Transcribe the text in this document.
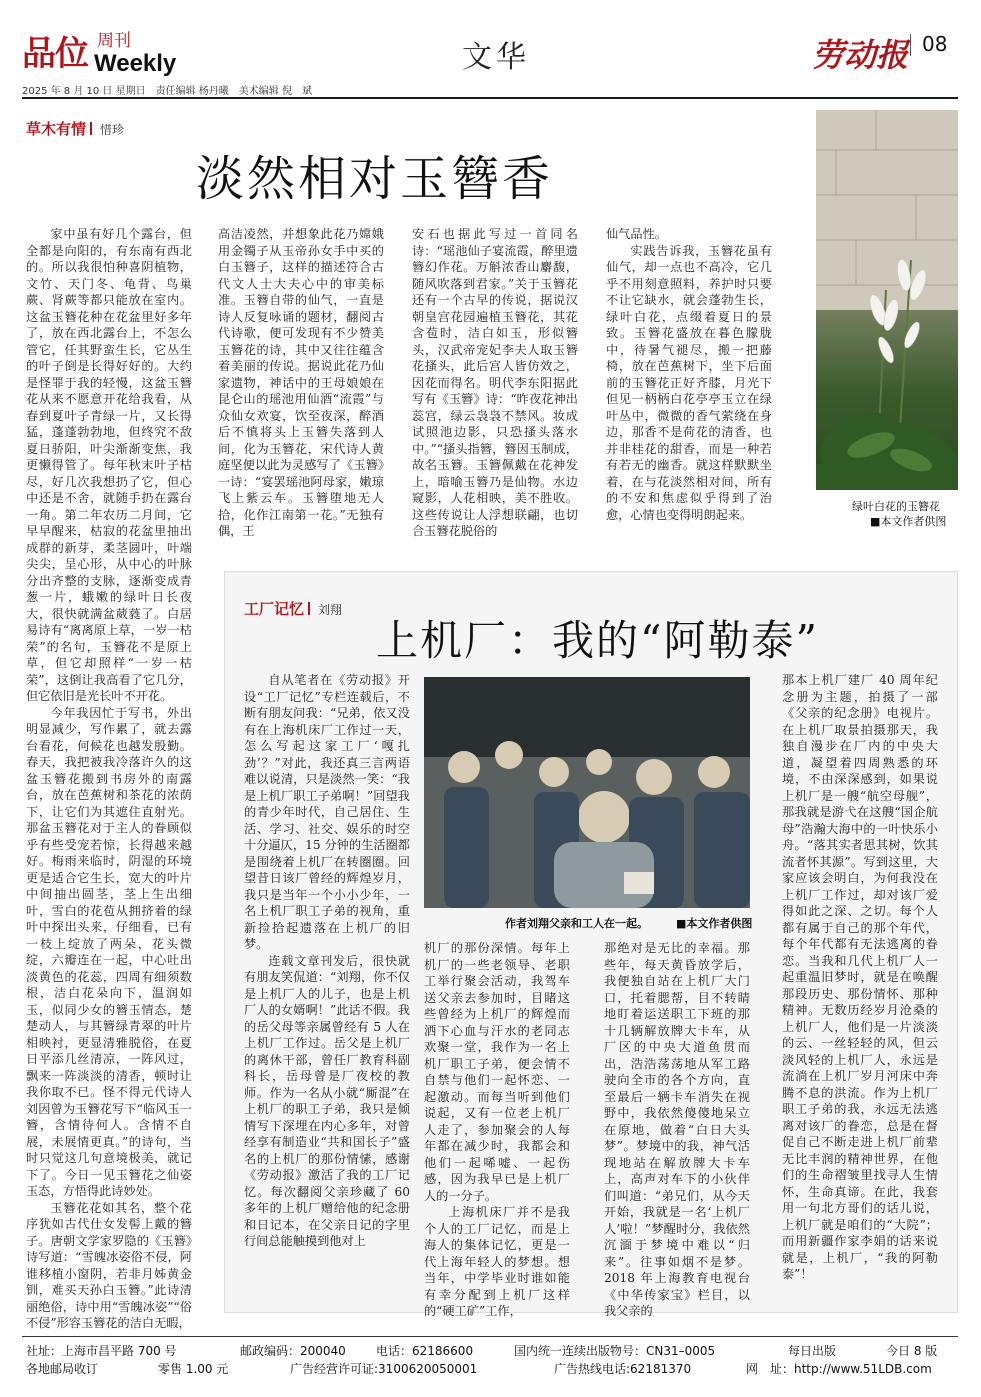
品位 周刊
Weekly	文华	劳动报 08
2025 年 8 月 10 日 星期日　责任编辑 杨丹曦　美术编辑 倪　斌
草木有情 惜珍
淡然相对玉簪香
绿叶白花的玉簪花
■本文作者供图

家中虽有好几个露台，但全都是向阳的，有东南有西北的。所以我很怕种喜阴植物，文竹、天门冬、龟背、鸟巢蕨、肾蕨等都只能放在室内。这盆玉簪花种在花盆里好多年了，放在西北露台上，不怎么管它，任其野蛮生长，它丛生的叶子倒是长得好好的。大约是怪罪于我的轻慢，这盆玉簪花从来不愿意开花给我看，从春到夏叶子青绿一片，又长得猛，蓬蓬勃勃地，但终究不敌夏日骄阳，叶尖渐渐变焦，我更懒得管了。每年秋末叶子枯尽，好几次我想扔了它，但心中还是不舍，就随手扔在露台一角。第二年农历二月间，它早早醒来，枯寂的花盆里抽出成群的新芽，柔茎圆叶，叶端尖尖，呈心形，从中心的叶脉分出齐整的支脉，逐渐变成青葱一片，蛾嫩的绿叶日长夜大，很快就满盆葳蕤了。白居易诗有“离离原上草，一岁一枯荣”的名句，玉簪花不是原上草，但它却照样“一岁一枯荣”，这倒让我高看了它几分，但它依旧是光长叶不开花。

今年我因忙于写书，外出明显减少，写作累了，就去露台看花，何候花也越发殷勤。春天，我把被我冷落许久的这盆玉簪花搬到书房外的南露台，放在芭蕉树和茶花的浓荫下，让它们为其遮住直射光。那盆玉簪花对于主人的眷顾似乎有些受宠若惊，长得越来越好。梅雨来临时，阴湿的环境更是适合它生长，宽大的叶片中间抽出圆茎，茎上生出细叶，雪白的花苞从拥挤着的绿叶中探出头来，仔细看，已有一枝上绽放了两朵，花头微绽，六瓣连在一起，中心吐出淡黄色的花蕊，四周有细须数根，洁白花朵向下，温润如玉，似同少女的簪玉情态，楚楚动人，与其簪绿青翠的叶片相映衬，更显清雅脱俗，在夏日平添几丝清凉，一阵风过，飘来一阵淡淡的清香，顿时让我你取不已。怪不得元代诗人刘因曾为玉簪花写下“临风玉一簪，含情待何人。含情不自展，未展情更真。”的诗句，当时只觉这几句意境极美，就记下了。今日一见玉簪花之仙姿玉态，方悟得此诗妙处。

玉簪花花如其名，整个花序犹如古代仕女发髻上戴的簪子。唐朝文学家罗隐的《玉簪》诗写道：“雪魄冰姿俗不侵，阿谁移植小窗阴，若非月姊黄金钏，难买天孙白玉簪。”此诗清丽绝俗，诗中用“雪魄冰姿”“俗不侵”形容玉簪花的洁白无暇，

高洁凌然，并想象此花乃嫦娥用金镯子从玉帝孙女手中买的白玉簪子，这样的描述符合古代文人士大夫心中的审美标准。玉簪自带的仙气，一直是诗人反复咏诵的题材，翻阅古代诗歌，便可发现有不少赞美玉簪花的诗，其中又往往蕴含着美丽的传说。据说此花乃仙家遗物，神话中的王母娘娘在昆仑山的瑶池用仙酒“流霞”与众仙女欢宴，饮至夜深，醉酒后不慎将头上玉簪失落到人间，化为玉簪花，宋代诗人黄庭坚便以此为灵感写了《玉簪》一诗：“宴罢瑶池阿母家，嫩琼飞上紫云车。玉簪堕地无人拾，化作江南第一花。”无独有偶，王

安石也据此写过一首同名诗：“瑶池仙子宴流霞，醉里遗簪幻作花。万斛浓香山麝馥，随风吹落到君家。”关于玉簪花还有一个古早的传说，据说汉朝皇宫花园遍植玉簪花，其花含苞时，洁白如玉，形似簪头，汉武帝宠妃李夫人取玉簪花搔头，此后宫人皆仿效之，因花而得名。明代李东阳据此写有《玉簪》诗：“昨夜花神出蕊宫，绿云袅袅不禁风。妆成试照池边影，只恐搔头落水中。”“搔头指簪，簪因玉制成，故名玉簪。玉簪佩戴在花神发上，暗喻玉簪乃是仙物。水边窥影，人花相映，美不胜收。这些传说让人浮想联翩，也切合玉簪花脱俗的

仙气品性。

实践告诉我，玉簪花虽有仙气，却一点也不高冷，它几乎不用刻意照料，养护时只要不让它缺水，就会蓬勃生长，绿叶白花，点缀着夏日的景致。玉簪花盛放在暮色朦胧中，待暑气褪尽，搬一把藤椅，放在芭蕉树下，坐下后面前的玉簪花正好齐膝，月光下但见一柄柄白花亭亭玉立在绿叶丛中，微微的香气萦绕在身边，那香不是荷花的清香，也并非桂花的甜香，而是一种若有若无的幽香。就这样默默坐着，在与花淡然相对间，所有的不安和焦虑似乎得到了治愈，心情也变得明朗起来。

工厂记忆 刘翔
上机厂：我的“阿勒泰”
作者刘翔父亲和工人在一起。	■本文作者供图

自从笔者在《劳动报》开设“工厂记忆”专栏连载后，不断有朋友问我：“兄弟，依又没有在上海机床厂工作过一天，怎么写起这家工厂‘嘎扎劲’？”对此，我还真三言两语难以说清，只是淡然一笑：“我是上机厂职工子弟啊！”回望我的青少年时代，自己居住、生活、学习、社交、娱乐的时空十分逼仄，15 分钟的生活圈都是围绕着上机厂在转圈圈。回望昔日该厂曾经的辉煌岁月，我只是当年一个小小少年，一名上机厂职工子弟的视角，重新捡拾起遗落在上机厂的旧梦。

连载文章刊发后，很快就有朋友笑侃道：“刘翔，你不仅是上机厂人的儿子，也是上机厂人的女婿啊！”此话不假。我的岳父母等亲属曾经有 5 人在上机厂工作过。岳父是上机厂的离休干部，曾任厂教育科副科长，岳母曾是厂夜校的教师。作为一名从小就“厮混”在上机厂的职工子弟，我只是倾情写下深埋在内心多年，对曾经享有制造业“共和国长子”盛名的上机厂的那份情愫，感谢《劳动报》激活了我的工厂记忆。每次翻阅父亲珍藏了 60 多年的上机厂赠给他的纪念册和日记本，在父亲日记的字里行间总能触摸到他对上

机厂的那份深情。每年上机厂的一些老领导、老职工举行聚会活动，我驾车送父亲去参加时，目睹这些曾经为上机厂的辉煌而洒下心血与汗水的老同志欢聚一堂，我作为一名上机厂职工子弟，便会情不自禁与他们一起怀恋、一起激动。而每当听到他们说起，又有一位老上机厂人走了，参加聚会的人每年都在减少时，我都会和他们一起唏嘘、一起伤感，因为我早已是上机厂人的一分子。

上海机床厂并不是我个人的工厂记忆，而是上海人的集体记忆，更是一代上海年轻人的梦想。想当年，中学毕业时谁如能有幸分配到上机厂这样的“硬工矿”工作，

那绝对是无比的幸福。那些年，每天黄昏放学后，我便独自站在上机厂大门口，托着腮帮，目不转睛地盯着运送职工下班的那十几辆解放牌大卡车，从厂区的中央大道鱼贯而出，浩浩荡荡地从军工路驶向全市的各个方向，直至最后一辆卡车消失在视野中，我依然傻傻地呆立在原地，做着“白日大头梦”。梦境中的我，神气活现地站在解放牌大卡车上，高声对车下的小伙伴们叫道：“弟兄们，从今天开始，我就是一名‘上机厂人’啦！”梦醒时分，我依然沉湎于梦境中难以“归来”。往事如烟不是梦。2018 年上海教育电视台《中华传家宝》栏目，以我父亲的

那本上机厂建厂 40 周年纪念册为主题，拍摄了一部《父亲的纪念册》电视片。在上机厂取景拍摄那天，我独自漫步在厂内的中央大道，凝望着四周熟悉的环境，不由深深感到，如果说上机厂是一艘“航空母舰”，那我就是游弋在这艘“国企航母”浩瀚大海中的一叶快乐小舟。“落其实者思其树，饮其流者怀其源”。写到这里，大家应该会明白，为何我没在上机厂工作过，却对该厂爱得如此之深、之切。每个人都有属于自己的那个年代，每个年代都有无法逃离的眷恋。当我和几代上机厂人一起重温旧梦时，就是在唤醒那段历史、那份情怀、那种精神。无数历经岁月沧桑的上机厂人，他们是一片淡淡的云、一丝轻轻的风，但云淡风轻的上机厂人，永远是流淌在上机厂岁月河床中奔腾不息的洪流。作为上机厂职工子弟的我，永远无法逃离对该厂的眷恋，总是在督促自己不断走进上机厂前辈无比丰润的精神世界，在他们的生命褶皱里找寻人生情怀，生命真谛。在此，我套用一句北方哥们的话儿说，上机厂就是咱们的“大院”；而用新疆作家李娟的话来说就是，上机厂，“我的阿勒泰”！

社址：上海市昌平路 700 号	邮政编码：200040	电话：62186600	国内统一连续出版物号：CN31–0005	每日出版	今日 8 版
各地邮局收订	零售 1.00 元	广告经营许可证:3100620050001	广告热线电话:62181370	网　址：http://www.51LDB.com
